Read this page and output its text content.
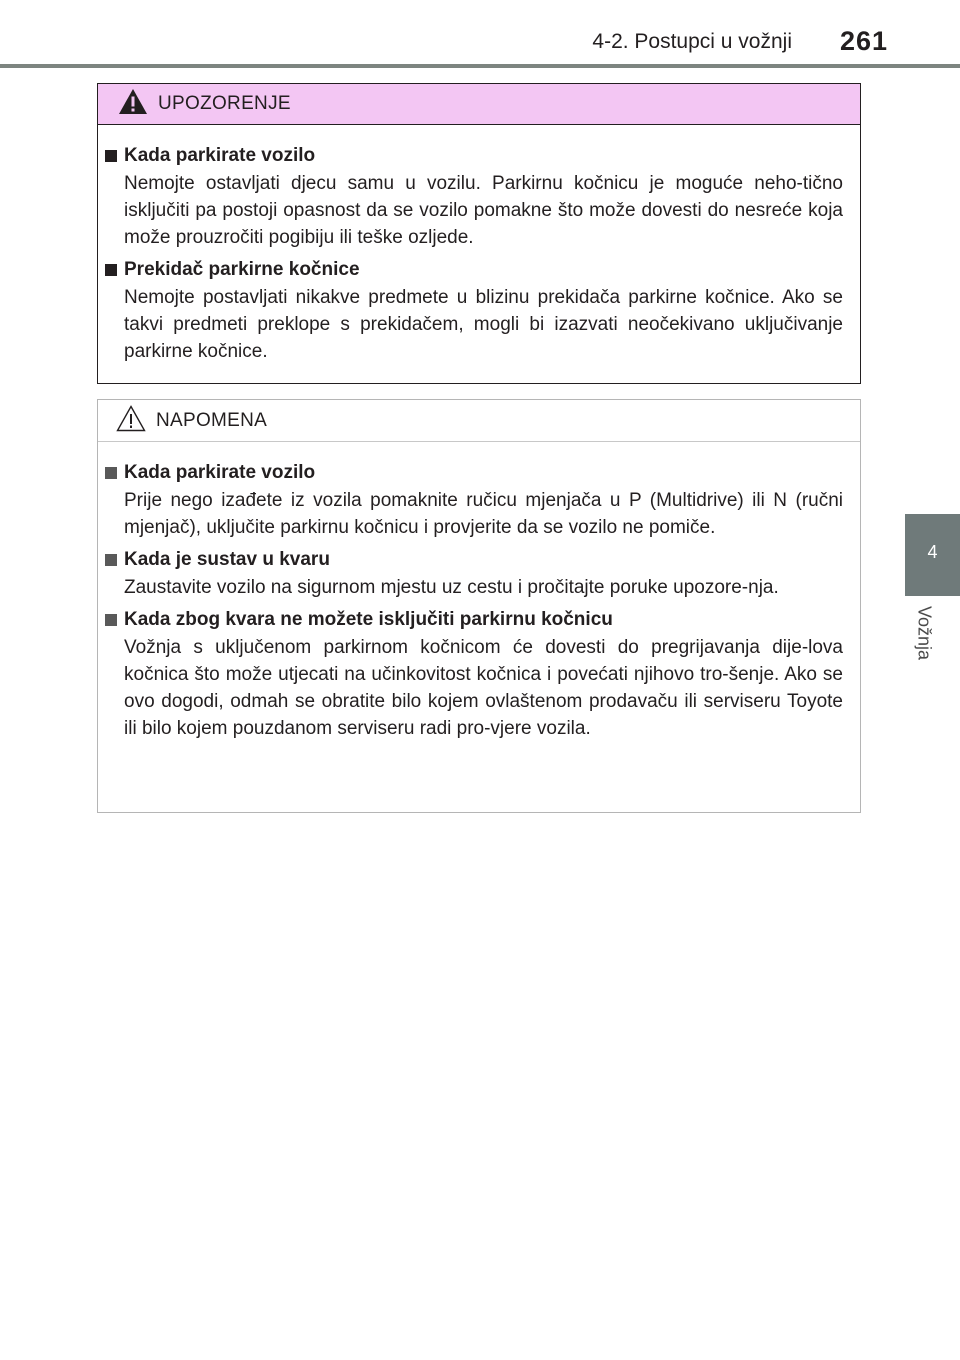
4-2. Postupci u vožnji	261
4
Vožnja
UPOZORENJE
Kada parkirate vozilo
Nemojte ostavljati djecu samu u vozilu. Parkirnu kočnicu je moguće neho-tično isključiti pa postoji opasnost da se vozilo pomakne što može dovesti do nesreće koja može prouzročiti pogibiju ili teške ozljede.
Prekidač parkirne kočnice
Nemojte postavljati nikakve predmete u blizinu prekidača parkirne kočnice. Ako se takvi predmeti preklope s prekidačem, mogli bi izazvati neočekivano uključivanje parkirne kočnice.
NAPOMENA
Kada parkirate vozilo
Prije nego izađete iz vozila pomaknite ručicu mjenjača u P (Multidrive) ili N (ručni mjenjač), uključite parkirnu kočnicu i provjerite da se vozilo ne pomiče.
Kada je sustav u kvaru
Zaustavite vozilo na sigurnom mjestu uz cestu i pročitajte poruke upozore-nja.
Kada zbog kvara ne možete isključiti parkirnu kočnicu
Vožnja s uključenom parkirnom kočnicom će dovesti do pregrijavanja dije-lova kočnica što može utjecati na učinkovitost kočnica i povećati njihovo tro-šenje. Ako se ovo dogodi, odmah se obratite bilo kojem ovlaštenom prodavaču ili serviseru Toyote ili bilo kojem pouzdanom serviseru radi pro-vjere vozila.
